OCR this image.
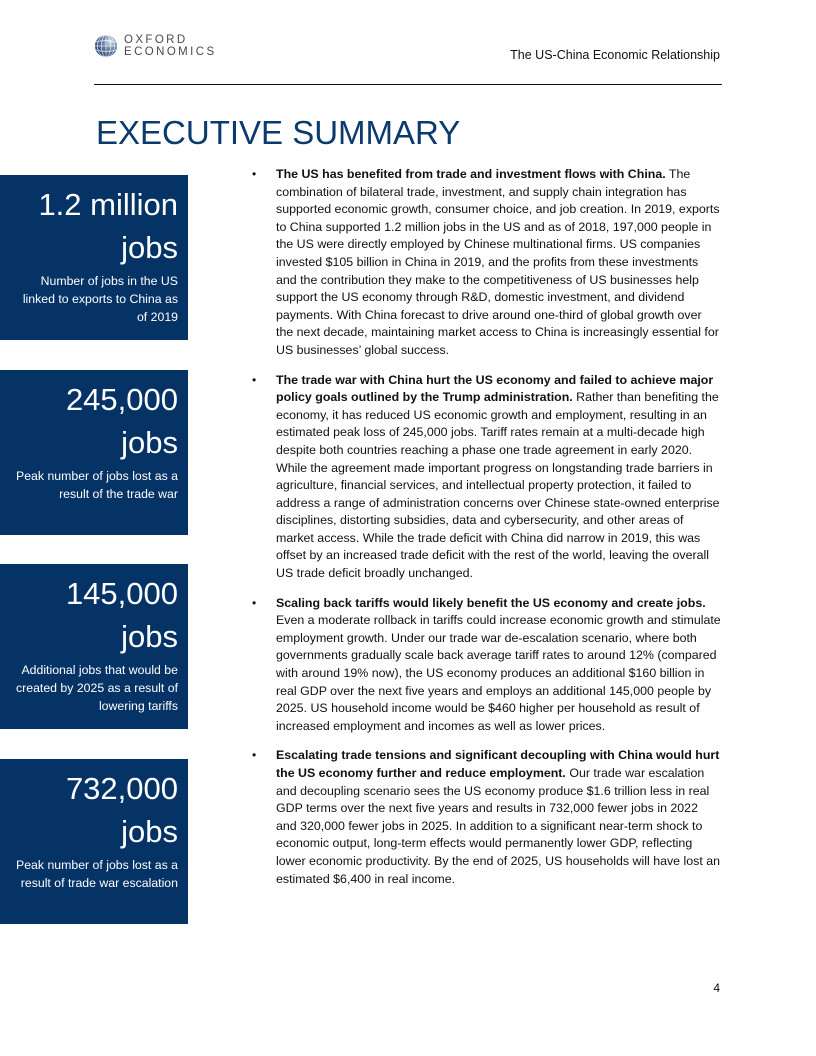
OXFORD
ECONOMICS	The US-China Economic Relationship
EXECUTIVE SUMMARY
1.2 million
jobs
Number of jobs in the US linked to exports to China as of 2019
245,000
jobs
Peak number of jobs lost as a result of the trade war
145,000
jobs
Additional jobs that would be created by 2025 as a result of lowering tariffs
732,000
jobs
Peak number of jobs lost as a result of trade war escalation
• The US has benefited from trade and investment flows with China. The combination of bilateral trade, investment, and supply chain integration has supported economic growth, consumer choice, and job creation. In 2019, exports to China supported 1.2 million jobs in the US and as of 2018, 197,000 people in the US were directly employed by Chinese multinational firms. US companies invested $105 billion in China in 2019, and the profits from these investments and the contribution they make to the competitiveness of US businesses help support the US economy through R&D, domestic investment, and dividend payments. With China forecast to drive around one-third of global growth over the next decade, maintaining market access to China is increasingly essential for US businesses’ global success.
• The trade war with China hurt the US economy and failed to achieve major policy goals outlined by the Trump administration. Rather than benefiting the economy, it has reduced US economic growth and employment, resulting in an estimated peak loss of 245,000 jobs. Tariff rates remain at a multi-decade high despite both countries reaching a phase one trade agreement in early 2020. While the agreement made important progress on longstanding trade barriers in agriculture, financial services, and intellectual property protection, it failed to address a range of administration concerns over Chinese state-owned enterprise disciplines, distorting subsidies, data and cybersecurity, and other areas of market access. While the trade deficit with China did narrow in 2019, this was offset by an increased trade deficit with the rest of the world, leaving the overall US trade deficit broadly unchanged.
• Scaling back tariffs would likely benefit the US economy and create jobs. Even a moderate rollback in tariffs could increase economic growth and stimulate employment growth. Under our trade war de-escalation scenario, where both governments gradually scale back average tariff rates to around 12% (compared with around 19% now), the US economy produces an additional $160 billion in real GDP over the next five years and employs an additional 145,000 people by 2025. US household income would be $460 higher per household as result of increased employment and incomes as well as lower prices.
• Escalating trade tensions and significant decoupling with China would hurt the US economy further and reduce employment. Our trade war escalation and decoupling scenario sees the US economy produce $1.6 trillion less in real GDP terms over the next five years and results in 732,000 fewer jobs in 2022 and 320,000 fewer jobs in 2025. In addition to a significant near-term shock to economic output, long-term effects would permanently lower GDP, reflecting lower economic productivity. By the end of 2025, US households will have lost an estimated $6,400 in real income.
4
